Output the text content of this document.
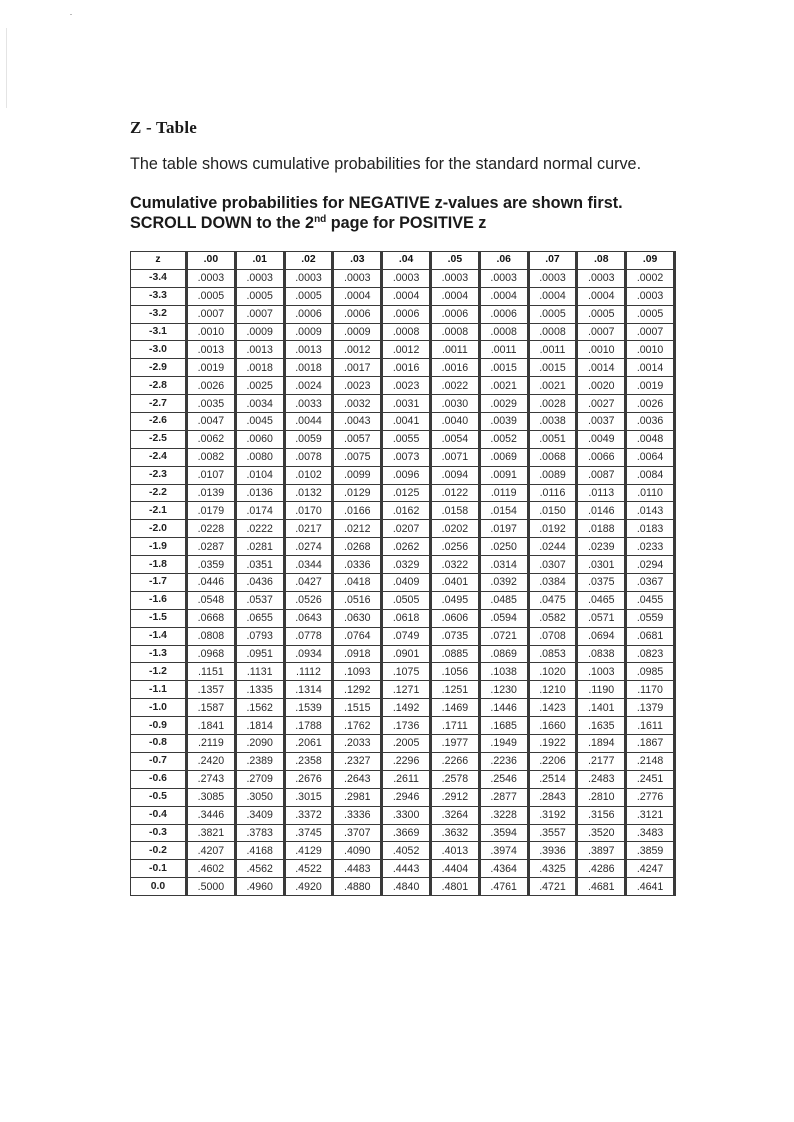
Z - Table
The table shows cumulative probabilities for the standard normal curve.
Cumulative probabilities for NEGATIVE z-values are shown first. SCROLL DOWN to the 2nd page for POSITIVE z
z	.00	.01	.02	.03	.04	.05	.06	.07	.08	.09
-3.4	.0003	.0003	.0003	.0003	.0003	.0003	.0003	.0003	.0003	.0002
-3.3	.0005	.0005	.0005	.0004	.0004	.0004	.0004	.0004	.0004	.0003
-3.2	.0007	.0007	.0006	.0006	.0006	.0006	.0006	.0005	.0005	.0005
-3.1	.0010	.0009	.0009	.0009	.0008	.0008	.0008	.0008	.0007	.0007
-3.0	.0013	.0013	.0013	.0012	.0012	.0011	.0011	.0011	.0010	.0010
-2.9	.0019	.0018	.0018	.0017	.0016	.0016	.0015	.0015	.0014	.0014
-2.8	.0026	.0025	.0024	.0023	.0023	.0022	.0021	.0021	.0020	.0019
-2.7	.0035	.0034	.0033	.0032	.0031	.0030	.0029	.0028	.0027	.0026
-2.6	.0047	.0045	.0044	.0043	.0041	.0040	.0039	.0038	.0037	.0036
-2.5	.0062	.0060	.0059	.0057	.0055	.0054	.0052	.0051	.0049	.0048
-2.4	.0082	.0080	.0078	.0075	.0073	.0071	.0069	.0068	.0066	.0064
-2.3	.0107	.0104	.0102	.0099	.0096	.0094	.0091	.0089	.0087	.0084
-2.2	.0139	.0136	.0132	.0129	.0125	.0122	.0119	.0116	.0113	.0110
-2.1	.0179	.0174	.0170	.0166	.0162	.0158	.0154	.0150	.0146	.0143
-2.0	.0228	.0222	.0217	.0212	.0207	.0202	.0197	.0192	.0188	.0183
-1.9	.0287	.0281	.0274	.0268	.0262	.0256	.0250	.0244	.0239	.0233
-1.8	.0359	.0351	.0344	.0336	.0329	.0322	.0314	.0307	.0301	.0294
-1.7	.0446	.0436	.0427	.0418	.0409	.0401	.0392	.0384	.0375	.0367
-1.6	.0548	.0537	.0526	.0516	.0505	.0495	.0485	.0475	.0465	.0455
-1.5	.0668	.0655	.0643	.0630	.0618	.0606	.0594	.0582	.0571	.0559
-1.4	.0808	.0793	.0778	.0764	.0749	.0735	.0721	.0708	.0694	.0681
-1.3	.0968	.0951	.0934	.0918	.0901	.0885	.0869	.0853	.0838	.0823
-1.2	.1151	.1131	.1112	.1093	.1075	.1056	.1038	.1020	.1003	.0985
-1.1	.1357	.1335	.1314	.1292	.1271	.1251	.1230	.1210	.1190	.1170
-1.0	.1587	.1562	.1539	.1515	.1492	.1469	.1446	.1423	.1401	.1379
-0.9	.1841	.1814	.1788	.1762	.1736	.1711	.1685	.1660	.1635	.1611
-0.8	.2119	.2090	.2061	.2033	.2005	.1977	.1949	.1922	.1894	.1867
-0.7	.2420	.2389	.2358	.2327	.2296	.2266	.2236	.2206	.2177	.2148
-0.6	.2743	.2709	.2676	.2643	.2611	.2578	.2546	.2514	.2483	.2451
-0.5	.3085	.3050	.3015	.2981	.2946	.2912	.2877	.2843	.2810	.2776
-0.4	.3446	.3409	.3372	.3336	.3300	.3264	.3228	.3192	.3156	.3121
-0.3	.3821	.3783	.3745	.3707	.3669	.3632	.3594	.3557	.3520	.3483
-0.2	.4207	.4168	.4129	.4090	.4052	.4013	.3974	.3936	.3897	.3859
-0.1	.4602	.4562	.4522	.4483	.4443	.4404	.4364	.4325	.4286	.4247
0.0	.5000	.4960	.4920	.4880	.4840	.4801	.4761	.4721	.4681	.4641
